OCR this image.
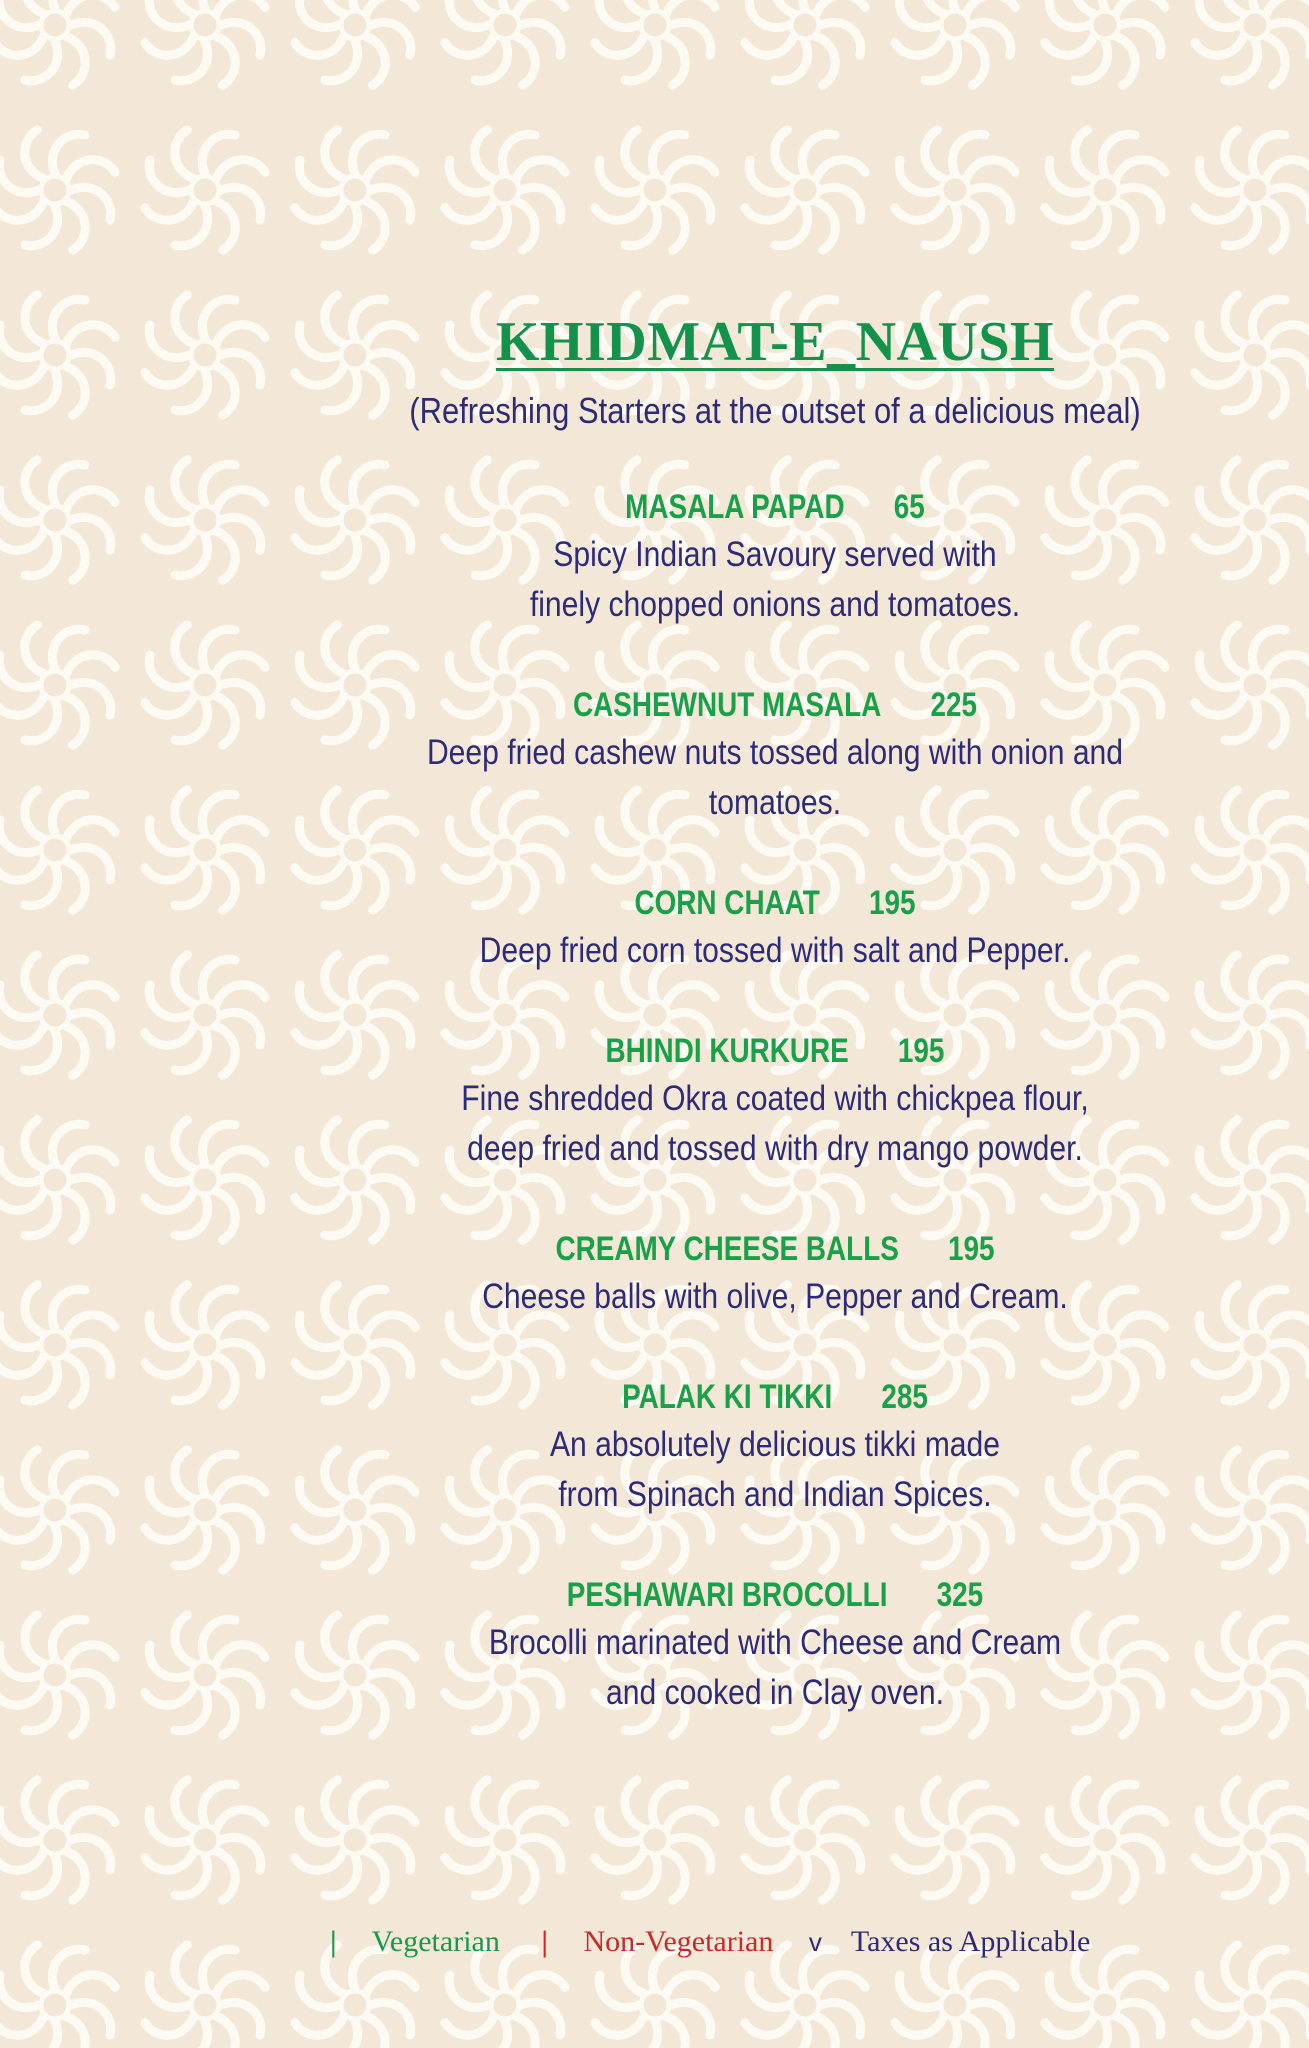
KHIDMAT-E_NAUSH
(Refreshing Starters at the outset of a delicious meal)
MASALA PAPAD 65
Spicy Indian Savoury served with
finely chopped onions and tomatoes.
CASHEWNUT MASALA 225
Deep fried cashew nuts tossed along with onion and
tomatoes.
CORN CHAAT 195
Deep fried corn tossed with salt and Pepper.
BHINDI KURKURE 195
Fine shredded Okra coated with chickpea flour,
deep fried and tossed with dry mango powder.
CREAMY CHEESE BALLS 195
Cheese balls with olive, Pepper and Cream.
PALAK KI TIKKI 285
An absolutely delicious tikki made
from Spinach and Indian Spices.
PESHAWARI BROCOLLI 325
Brocolli marinated with Cheese and Cream
and cooked in Clay oven.
| Vegetarian | Non-Vegetarian v Taxes as Applicable
